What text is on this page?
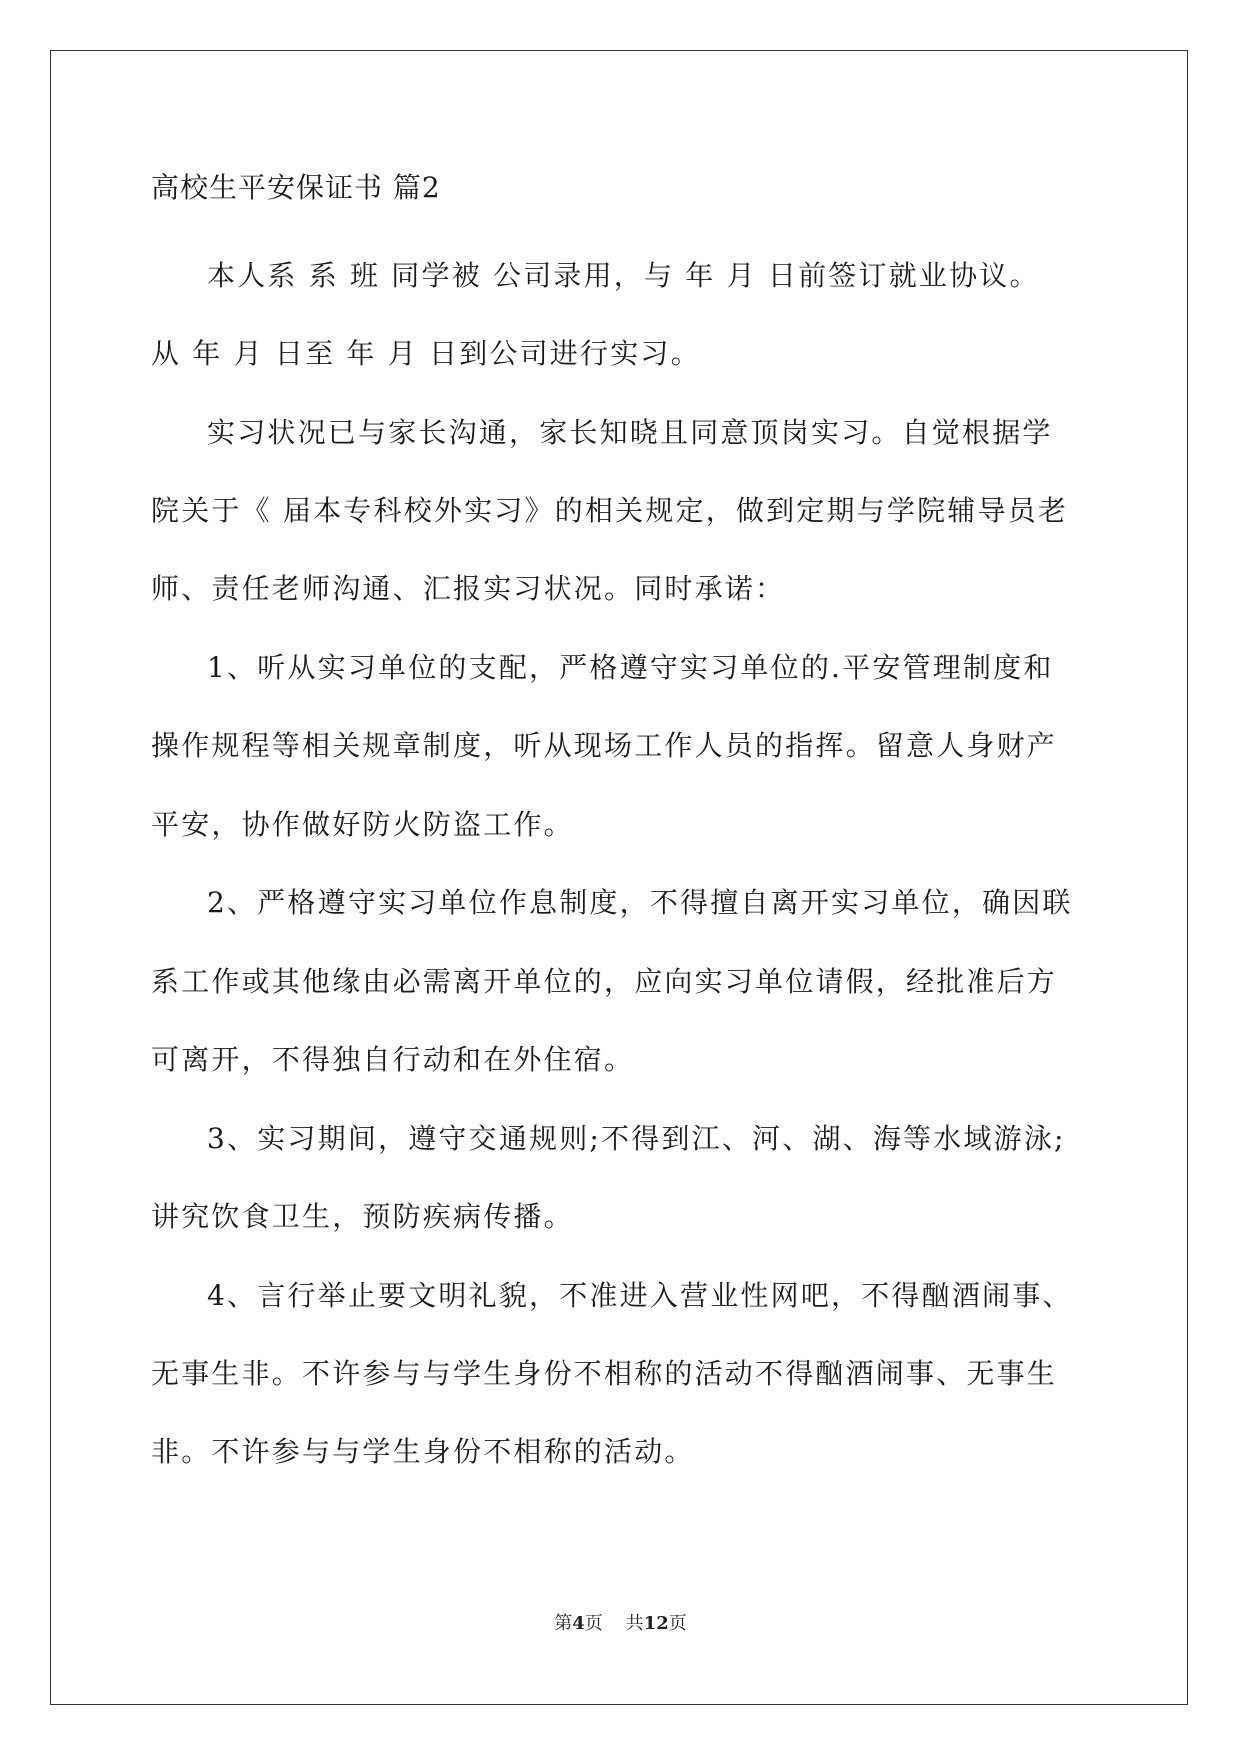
高校生平安保证书 篇2
本人系 系 班 同学被 公司录用，与 年 月 日前签订就业协议。
从 年 月 日至 年 月 日到公司进行实习。
实习状况已与家长沟通，家长知晓且同意顶岗实习。自觉根据学
院关于《 届本专科校外实习》的相关规定，做到定期与学院辅导员老
师、责任老师沟通、汇报实习状况。同时承诺：
1、听从实习单位的支配，严格遵守实习单位的.平安管理制度和
操作规程等相关规章制度，听从现场工作人员的指挥。留意人身财产
平安，协作做好防火防盗工作。
2、严格遵守实习单位作息制度，不得擅自离开实习单位，确因联
系工作或其他缘由必需离开单位的，应向实习单位请假，经批准后方
可离开，不得独自行动和在外住宿。
3、实习期间，遵守交通规则;不得到江、河、湖、海等水域游泳;
讲究饮食卫生，预防疾病传播。
4、言行举止要文明礼貌，不准进入营业性网吧，不得酗酒闹事、
无事生非。不许参与与学生身份不相称的活动不得酗酒闹事、无事生
非。不许参与与学生身份不相称的活动。
第4页    共12页
